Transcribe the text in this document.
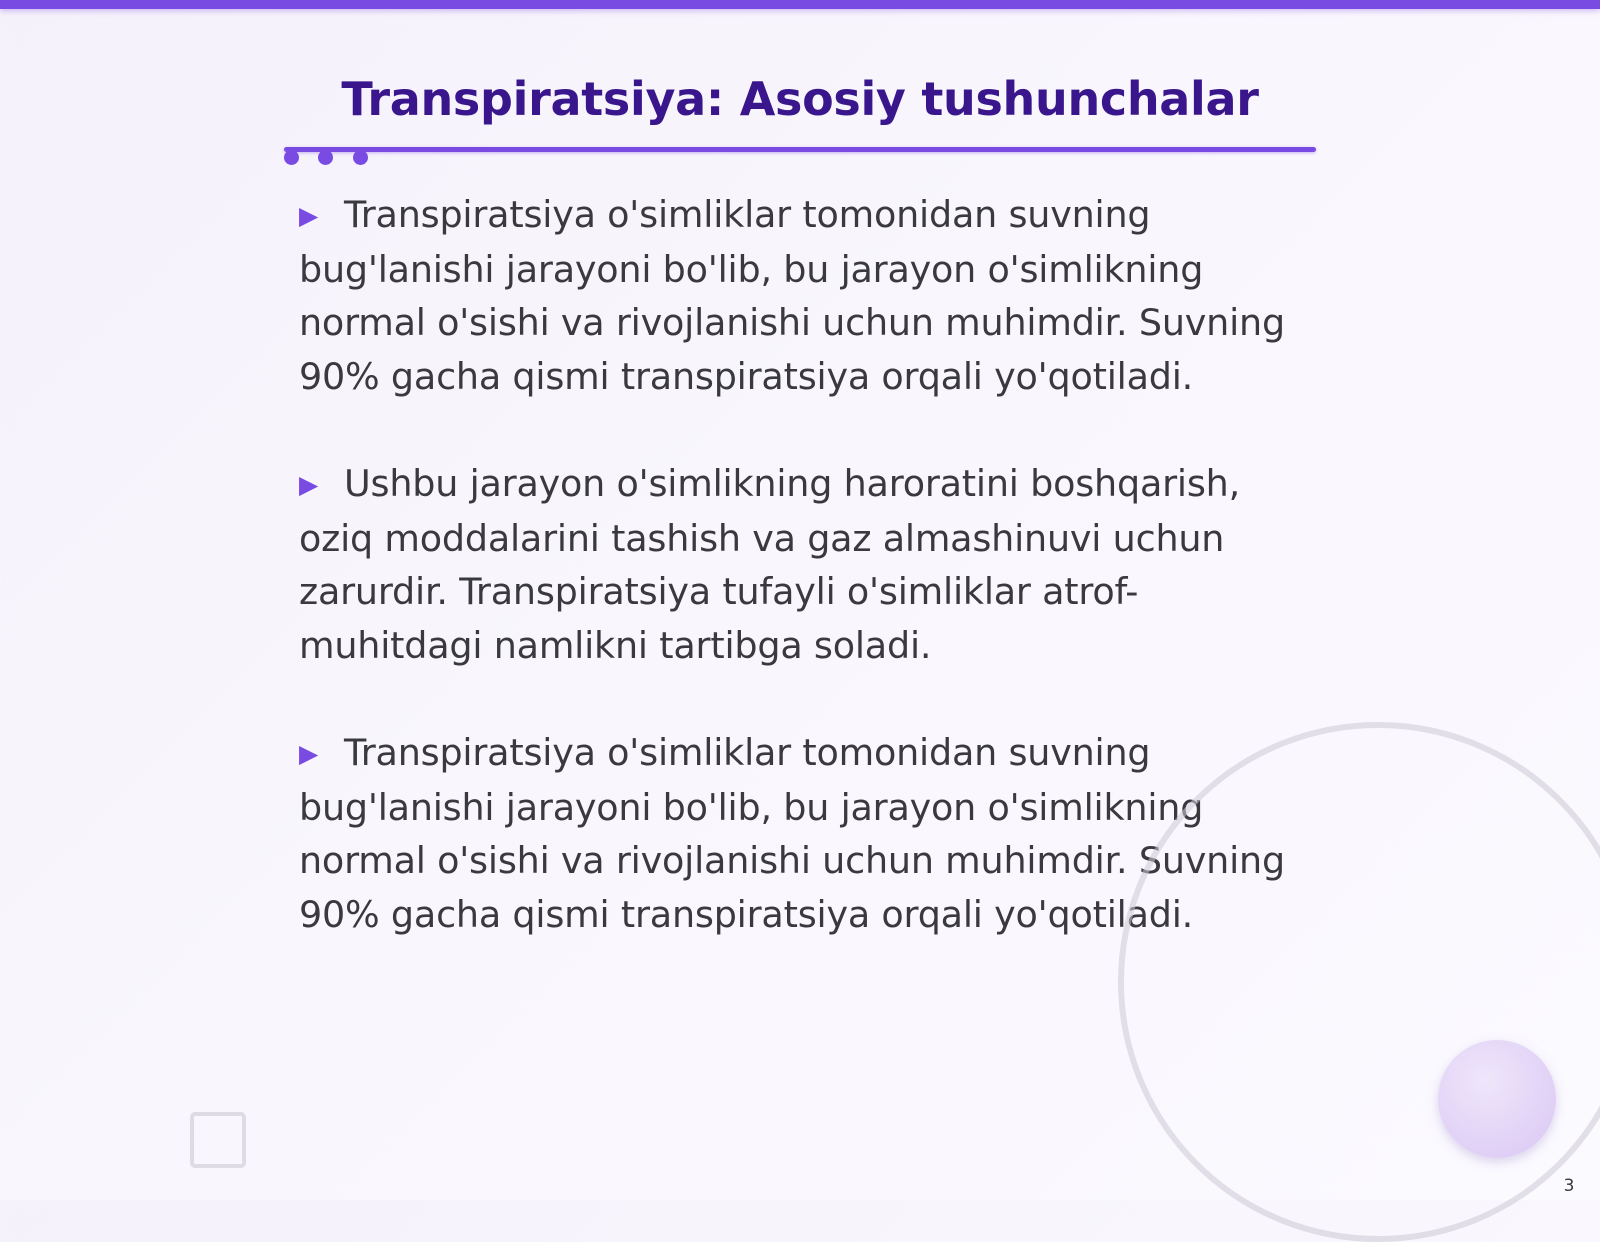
Transpiratsiya: Asosiy tushunchalar

▶ Transpiratsiya o'simliklar tomonidan suvning bug'lanishi jarayoni bo'lib, bu jarayon o'simlikning normal o'sishi va rivojlanishi uchun muhimdir. Suvning 90% gacha qismi transpiratsiya orqali yo'qotiladi.

▶ Ushbu jarayon o'simlikning haroratini boshqarish, oziq moddalarini tashish va gaz almashinuvi uchun zarurdir. Transpiratsiya tufayli o'simliklar atrof-muhitdagi namlikni tartibga soladi.

▶ Transpiratsiya o'simliklar tomonidan suvning bug'lanishi jarayoni bo'lib, bu jarayon o'simlikning normal o'sishi va rivojlanishi uchun muhimdir. Suvning 90% gacha qismi transpiratsiya orqali yo'qotiladi.

3
